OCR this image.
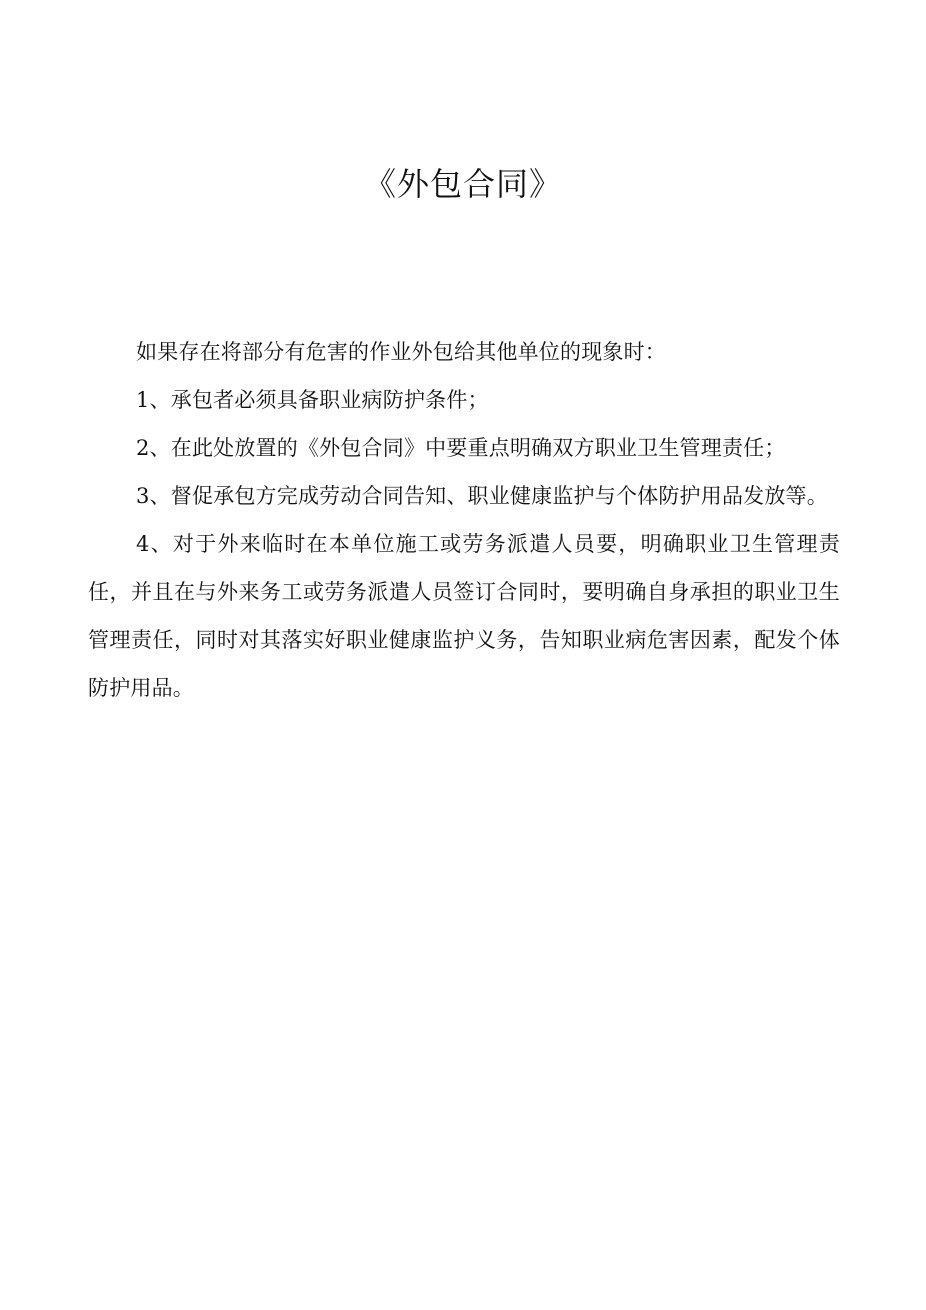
《外包合同》

如果存在将部分有危害的作业外包给其他单位的现象时：

1、承包者必须具备职业病防护条件；

2、在此处放置的《外包合同》中要重点明确双方职业卫生管理责任；

3、督促承包方完成劳动合同告知、职业健康监护与个体防护用品发放等。

4、对于外来临时在本单位施工或劳务派遣人员要，明确职业卫生管理责任，并且在与外来务工或劳务派遣人员签订合同时，要明确自身承担的职业卫生管理责任，同时对其落实好职业健康监护义务，告知职业病危害因素，配发个体防护用品。
